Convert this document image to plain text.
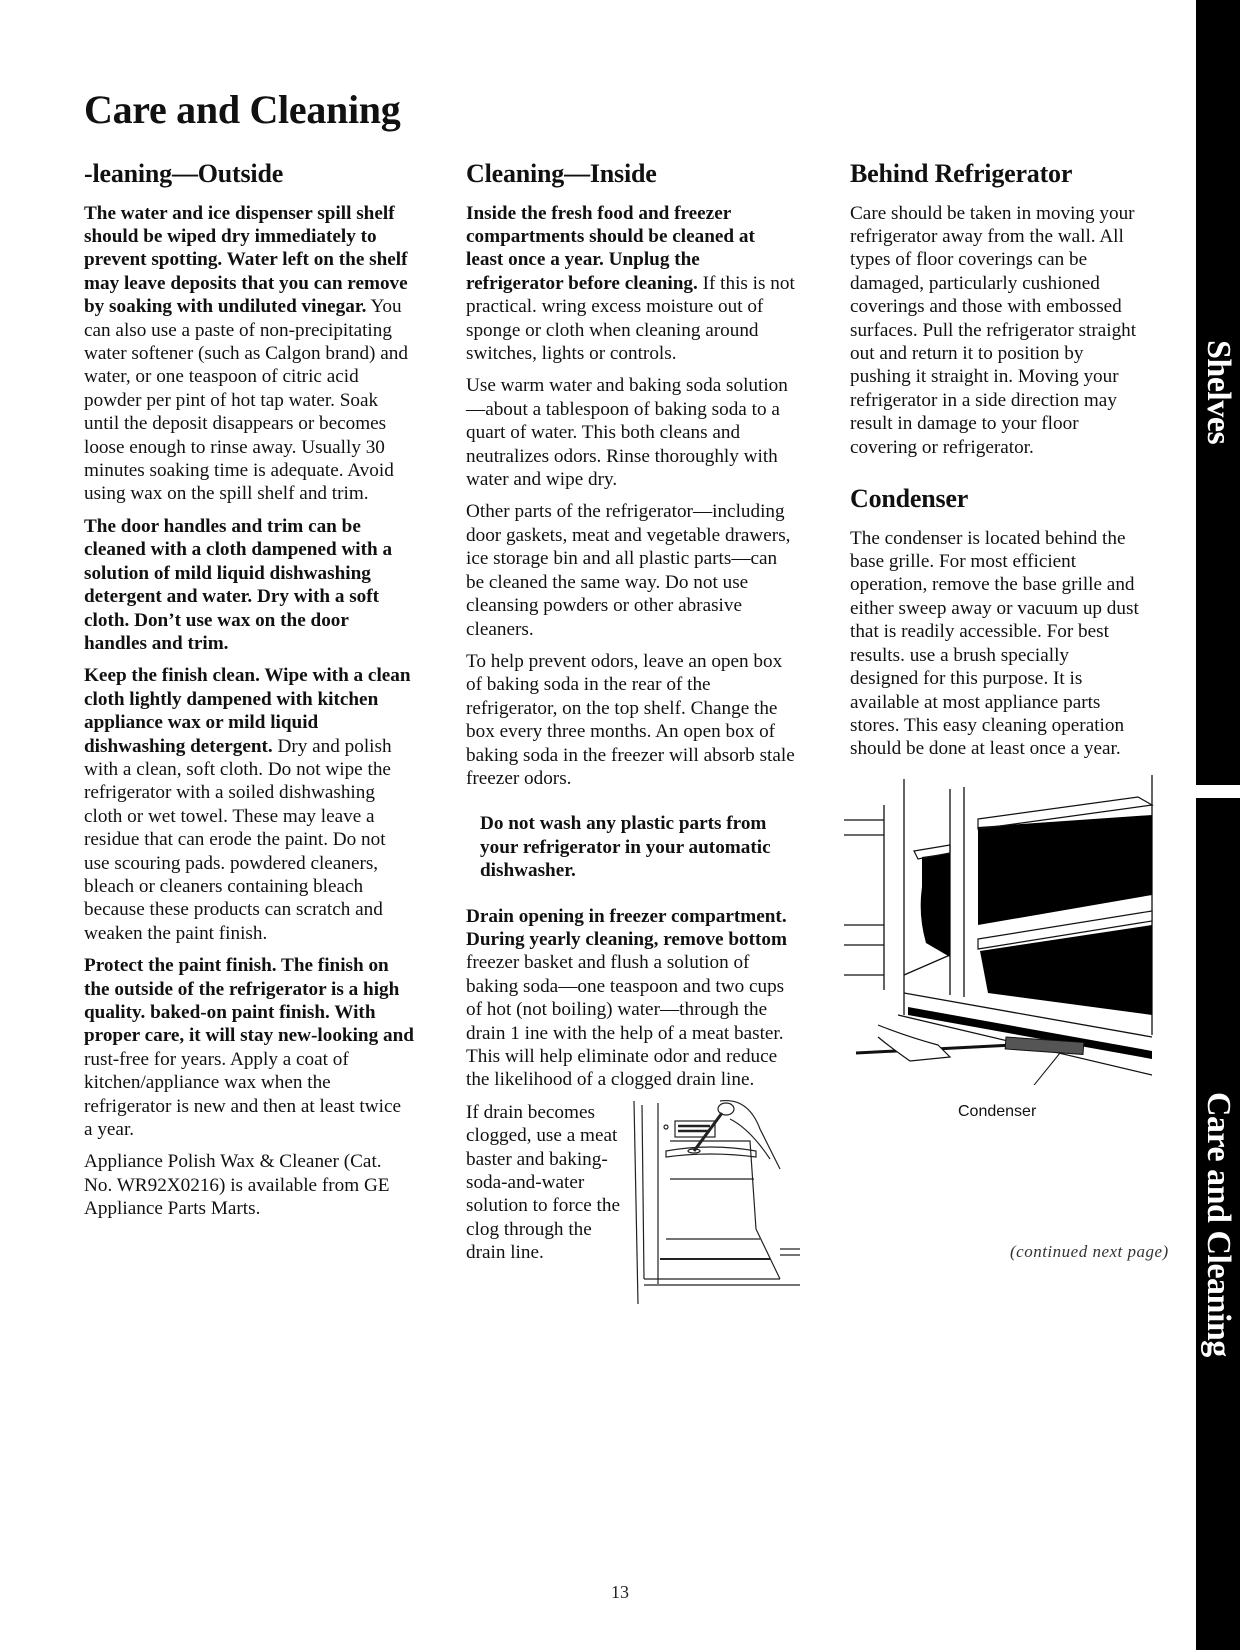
Care and Cleaning
-leaning—Outside

The water and ice dispenser spill shelf should be wiped dry immediately to prevent spotting. Water left on the shelf may leave deposits that you can remove by soaking with undiluted vinegar. You can also use a paste of non-precipitating water softener (such as Calgon brand) and water, or one teaspoon of citric acid powder per pint of hot tap water. Soak until the deposit disappears or becomes loose enough to rinse away. Usually 30 minutes soaking time is adequate. Avoid using wax on the spill shelf and trim.

The door handles and trim can be cleaned with a cloth dampened with a solution of mild liquid dishwashing detergent and water. Dry with a soft cloth. Don’t use wax on the door handles and trim.

Keep the finish clean. Wipe with a clean cloth lightly dampened with kitchen appliance wax or mild liquid dishwashing detergent. Dry and polish with a clean, soft cloth. Do not wipe the refrigerator with a soiled dishwashing cloth or wet towel. These may leave a residue that can erode the paint. Do not use scouring pads. powdered cleaners, bleach or cleaners containing bleach because these products can scratch and weaken the paint finish.

Protect the paint finish. The finish on the outside of the refrigerator is a high quality. baked-on paint finish. With proper care, it will stay new-looking and rust-free for years. Apply a coat of kitchen/appliance wax when the refrigerator is new and then at least twice a year.

Appliance Polish Wax & Cleaner (Cat. No. WR92X0216) is available from GE Appliance Parts Marts.

Cleaning—Inside

Inside the fresh food and freezer compartments should be cleaned at least once a year. Unplug the refrigerator before cleaning. If this is not practical. wring excess moisture out of sponge or cloth when cleaning around switches, lights or controls.

Use warm water and baking soda solution—about a tablespoon of baking soda to a quart of water. This both cleans and neutralizes odors. Rinse thoroughly with water and wipe dry.

Other parts of the refrigerator—including door gaskets, meat and vegetable drawers, ice storage bin and all plastic parts—can be cleaned the same way. Do not use cleansing powders or other abrasive cleaners.

To help prevent odors, leave an open box of baking soda in the rear of the refrigerator, on the top shelf. Change the box every three months. An open box of baking soda in the freezer will absorb stale freezer odors.

Do not wash any plastic parts from your refrigerator in your automatic dishwasher.

Drain opening in freezer compartment. During yearly cleaning, remove bottom freezer basket and flush a solution of baking soda—one teaspoon and two cups of hot (not boiling) water—through the drain 1 ine with the help of a meat baster. This will help eliminate odor and reduce the likelihood of a clogged drain line.

If drain becomes clogged, use a meat baster and baking-soda-and-water solution to force the clog through the drain line.

Behind Refrigerator

Care should be taken in moving your refrigerator away from the wall. All types of floor coverings can be damaged, particularly cushioned coverings and those with embossed surfaces. Pull the refrigerator straight out and return it to position by pushing it straight in. Moving your refrigerator in a side direction may result in damage to your floor covering or refrigerator.

Condenser

The condenser is located behind the base grille. For most efficient operation, remove the base grille and either sweep away or vacuum up dust that is readily accessible. For best results. use a brush specially designed for this purpose. It is available at most appliance parts stores. This easy cleaning operation should be done at least once a year.

Condenser
(continued next page)
13
Shelves
Care and Cleaning
